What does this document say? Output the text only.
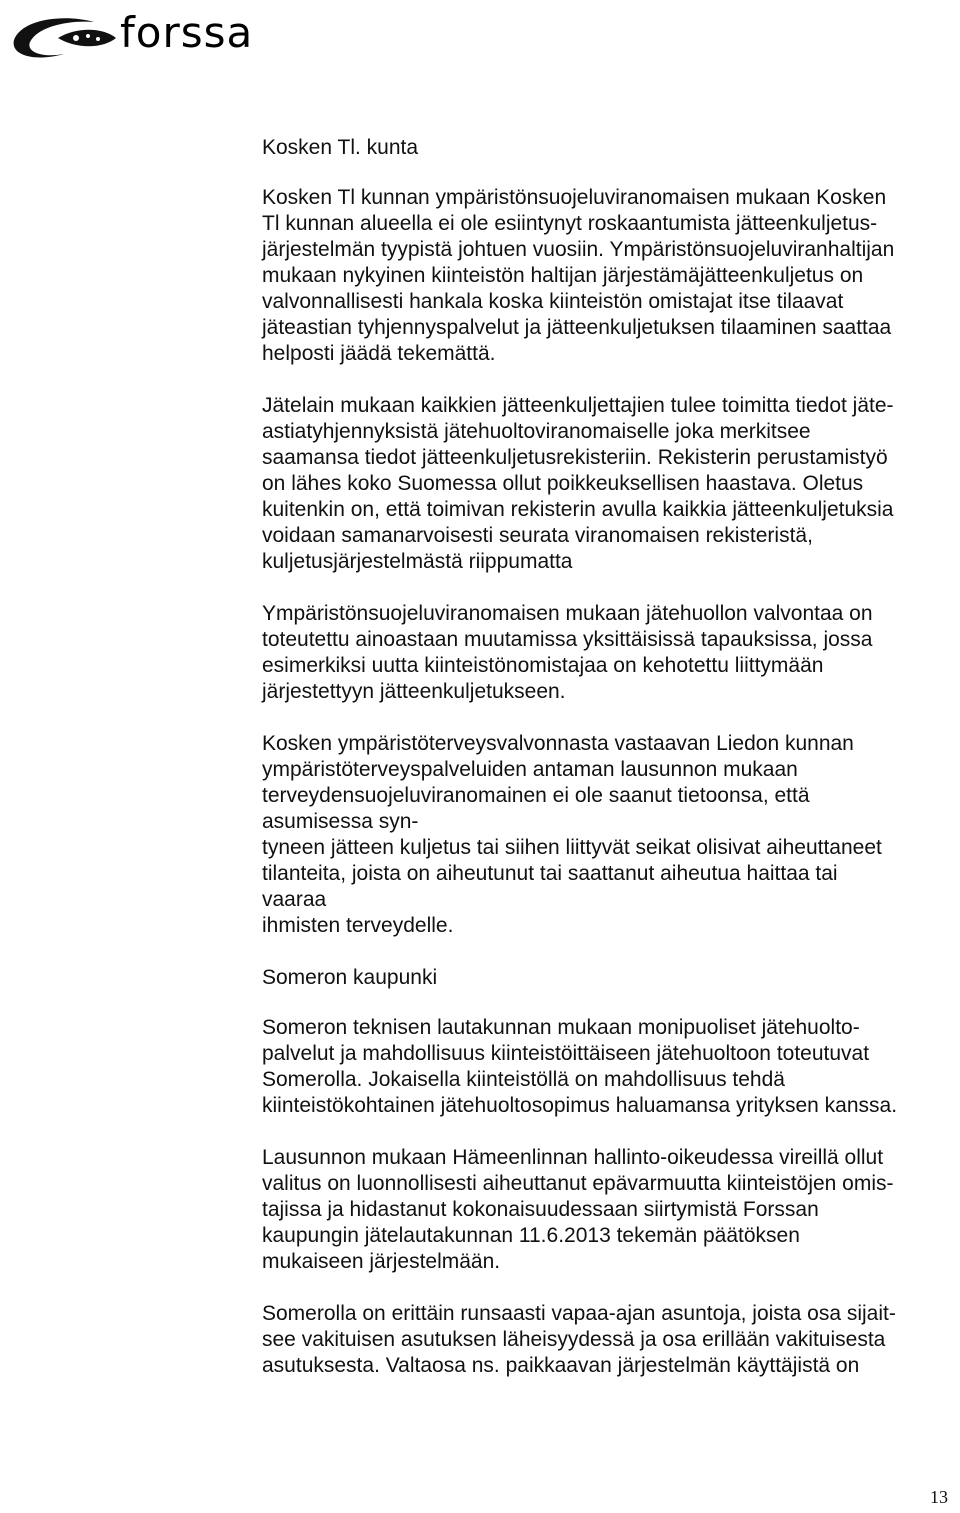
forssa
Kosken Tl. kunta
Kosken Tl kunnan ympäristönsuojeluviranomaisen mukaan Kosken
Tl kunnan alueella ei ole esiintynyt roskaantumista jätteenkuljetus-
järjestelmän tyypistä johtuen vuosiin. Ympäristönsuojeluviranhaltijan
mukaan nykyinen kiinteistön haltijan järjestämäjätteenkuljetus on
valvonnallisesti hankala koska kiinteistön omistajat itse tilaavat
jäteastian tyhjennyspalvelut ja jätteenkuljetuksen tilaaminen saattaa
helposti jäädä tekemättä.
Jätelain mukaan kaikkien jätteenkuljettajien tulee toimitta tiedot jäte-
astiatyhjennyksistä jätehuoltoviranomaiselle joka merkitsee
saamansa tiedot jätteenkuljetusrekisteriin. Rekisterin perustamistyö
on lähes koko Suomessa ollut poikkeuksellisen haastava. Oletus
kuitenkin on, että toimivan rekisterin avulla kaikkia jätteenkuljetuksia
voidaan samanarvoisesti seurata viranomaisen rekisteristä,
kuljetusjärjestelmästä riippumatta
Ympäristönsuojeluviranomaisen mukaan jätehuollon valvontaa on
toteutettu ainoastaan muutamissa yksittäisissä tapauksissa, jossa
esimerkiksi uutta kiinteistönomistajaa on kehotettu liittymään
järjestettyyn jätteenkuljetukseen.
Kosken ympäristöterveysvalvonnasta vastaavan Liedon kunnan
ympäristöterveyspalveluiden antaman lausunnon mukaan
terveydensuojeluviranomainen ei ole saanut tietoonsa, että
asumisessa syn-
tyneen jätteen kuljetus tai siihen liittyvät seikat olisivat aiheuttaneet
tilanteita, joista on aiheutunut tai saattanut aiheutua haittaa tai
vaaraa
ihmisten terveydelle.
Someron kaupunki
Someron teknisen lautakunnan mukaan monipuoliset jätehuolto-
palvelut ja mahdollisuus kiinteistöittäiseen jätehuoltoon toteutuvat
Somerolla. Jokaisella kiinteistöllä on mahdollisuus tehdä
kiinteistökohtainen jätehuoltosopimus haluamansa yrityksen kanssa.
Lausunnon mukaan Hämeenlinnan hallinto-oikeudessa vireillä ollut
valitus on luonnollisesti aiheuttanut epävarmuutta kiinteistöjen omis-
tajissa ja hidastanut kokonaisuudessaan siirtymistä Forssan
kaupungin jätelautakunnan 11.6.2013 tekemän päätöksen
mukaiseen järjestelmään.
Somerolla on erittäin runsaasti vapaa-ajan asuntoja, joista osa sijait-
see vakituisen asutuksen läheisyydessä ja osa erillään vakituisesta
asutuksesta. Valtaosa ns. paikkaavan järjestelmän käyttäjistä on
13
